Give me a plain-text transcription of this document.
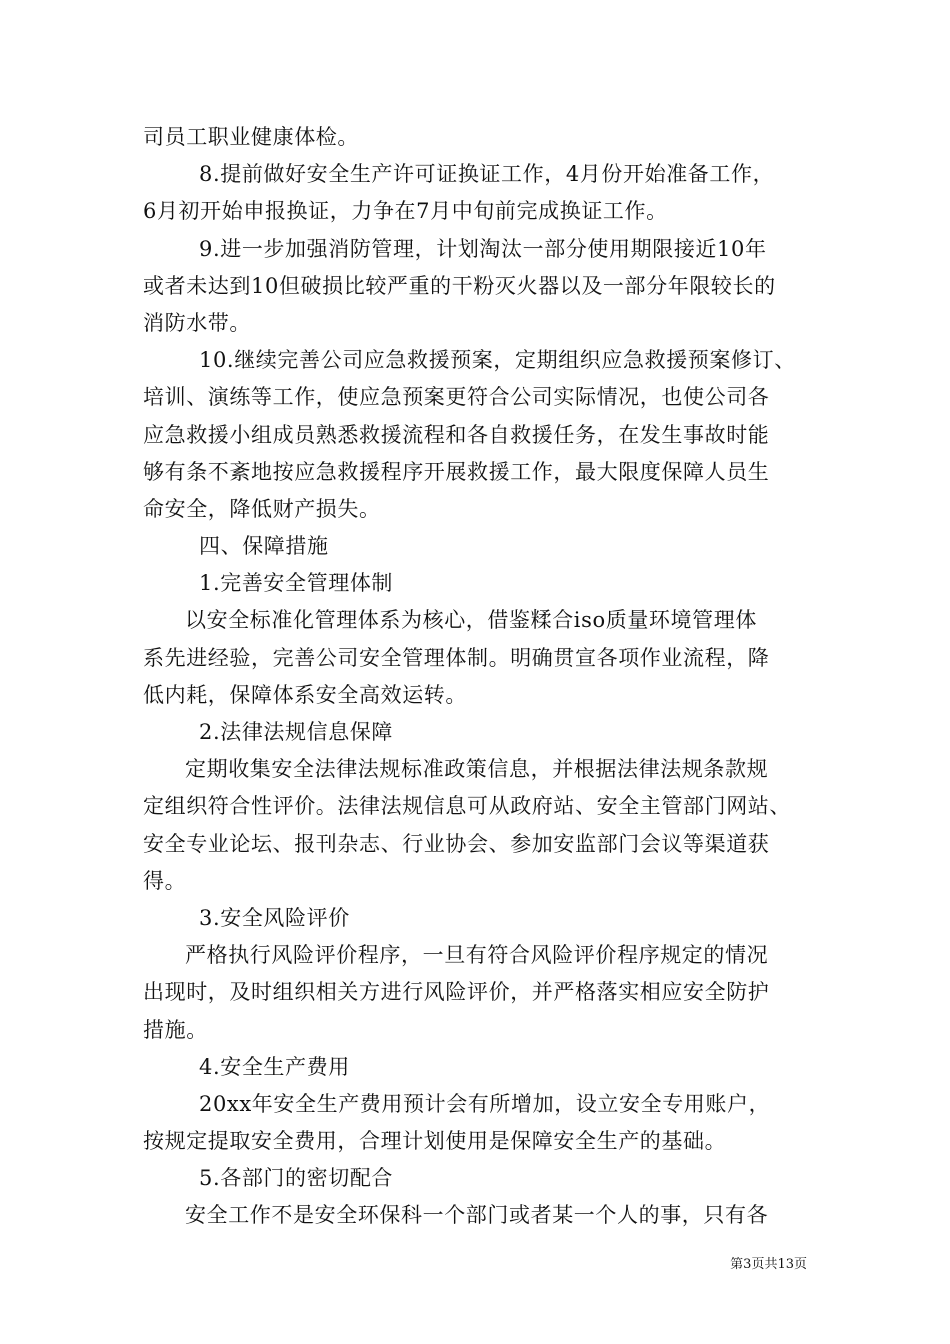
司员工职业健康体检。
8.提前做好安全生产许可证换证工作，4月份开始准备工作，
6月初开始申报换证，力争在7月中旬前完成换证工作。
9.进一步加强消防管理，计划淘汰一部分使用期限接近10年
或者未达到10但破损比较严重的干粉灭火器以及一部分年限较长的
消防水带。
10.继续完善公司应急救援预案，定期组织应急救援预案修订、
培训、演练等工作，使应急预案更符合公司实际情况，也使公司各
应急救援小组成员熟悉救援流程和各自救援任务，在发生事故时能
够有条不紊地按应急救援程序开展救援工作，最大限度保障人员生
命安全，降低财产损失。
四、保障措施
1.完善安全管理体制
以安全标准化管理体系为核心，借鉴糅合iso质量环境管理体
系先进经验，完善公司安全管理体制。明确贯宣各项作业流程，降
低内耗，保障体系安全高效运转。
2.法律法规信息保障
定期收集安全法律法规标准政策信息，并根据法律法规条款规
定组织符合性评价。法律法规信息可从政府站、安全主管部门网站、
安全专业论坛、报刊杂志、行业协会、参加安监部门会议等渠道获
得。
3.安全风险评价
严格执行风险评价程序，一旦有符合风险评价程序规定的情况
出现时，及时组织相关方进行风险评价，并严格落实相应安全防护
措施。
4.安全生产费用
20xx年安全生产费用预计会有所增加，设立安全专用账户，
按规定提取安全费用，合理计划使用是保障安全生产的基础。
5.各部门的密切配合
安全工作不是安全环保科一个部门或者某一个人的事，只有各
第3页共13页
